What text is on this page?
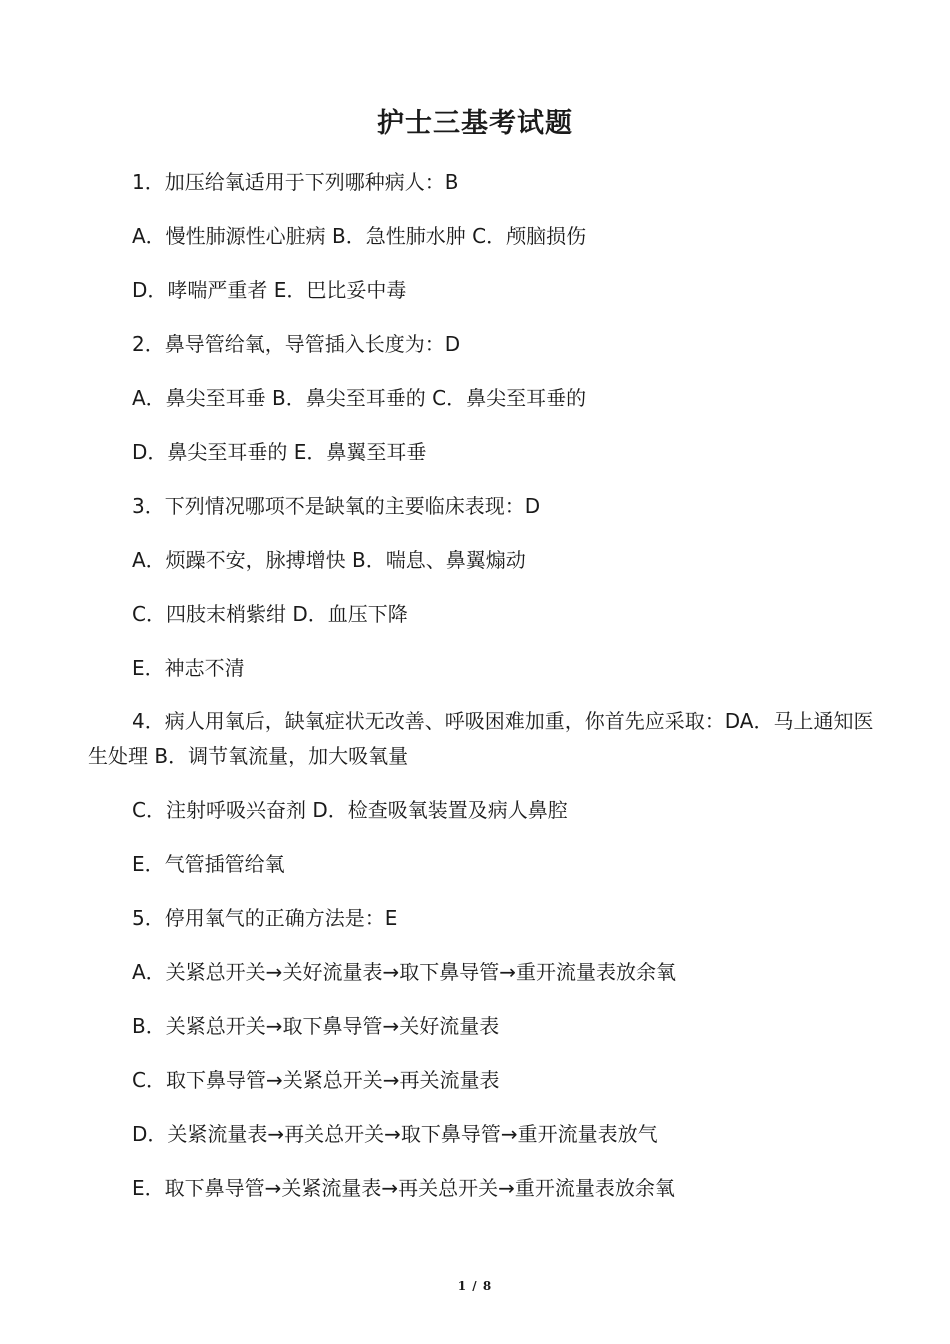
护士三基考试题
1．加压给氧适用于下列哪种病人：B
A．慢性肺源性心脏病 B．急性肺水肿 C．颅脑损伤
D．哮喘严重者 E．巴比妥中毒
2．鼻导管给氧，导管插入长度为：D
A．鼻尖至耳垂 B．鼻尖至耳垂的 C．鼻尖至耳垂的
D．鼻尖至耳垂的 E．鼻翼至耳垂
3．下列情况哪项不是缺氧的主要临床表现：D
A．烦躁不安，脉搏增快 B．喘息、鼻翼煽动
C．四肢末梢紫绀 D．血压下降
E．神志不清
4．病人用氧后，缺氧症状无改善、呼吸困难加重，你首先应采取：DA．马上通知医生处理 B．调节氧流量，加大吸氧量
C．注射呼吸兴奋剂 D．检查吸氧装置及病人鼻腔
E．气管插管给氧
5．停用氧气的正确方法是：E
A．关紧总开关→关好流量表→取下鼻导管→重开流量表放余氧
B．关紧总开关→取下鼻导管→关好流量表
C．取下鼻导管→关紧总开关→再关流量表
D．关紧流量表→再关总开关→取下鼻导管→重开流量表放气
E．取下鼻导管→关紧流量表→再关总开关→重开流量表放余氧
1 / 8
